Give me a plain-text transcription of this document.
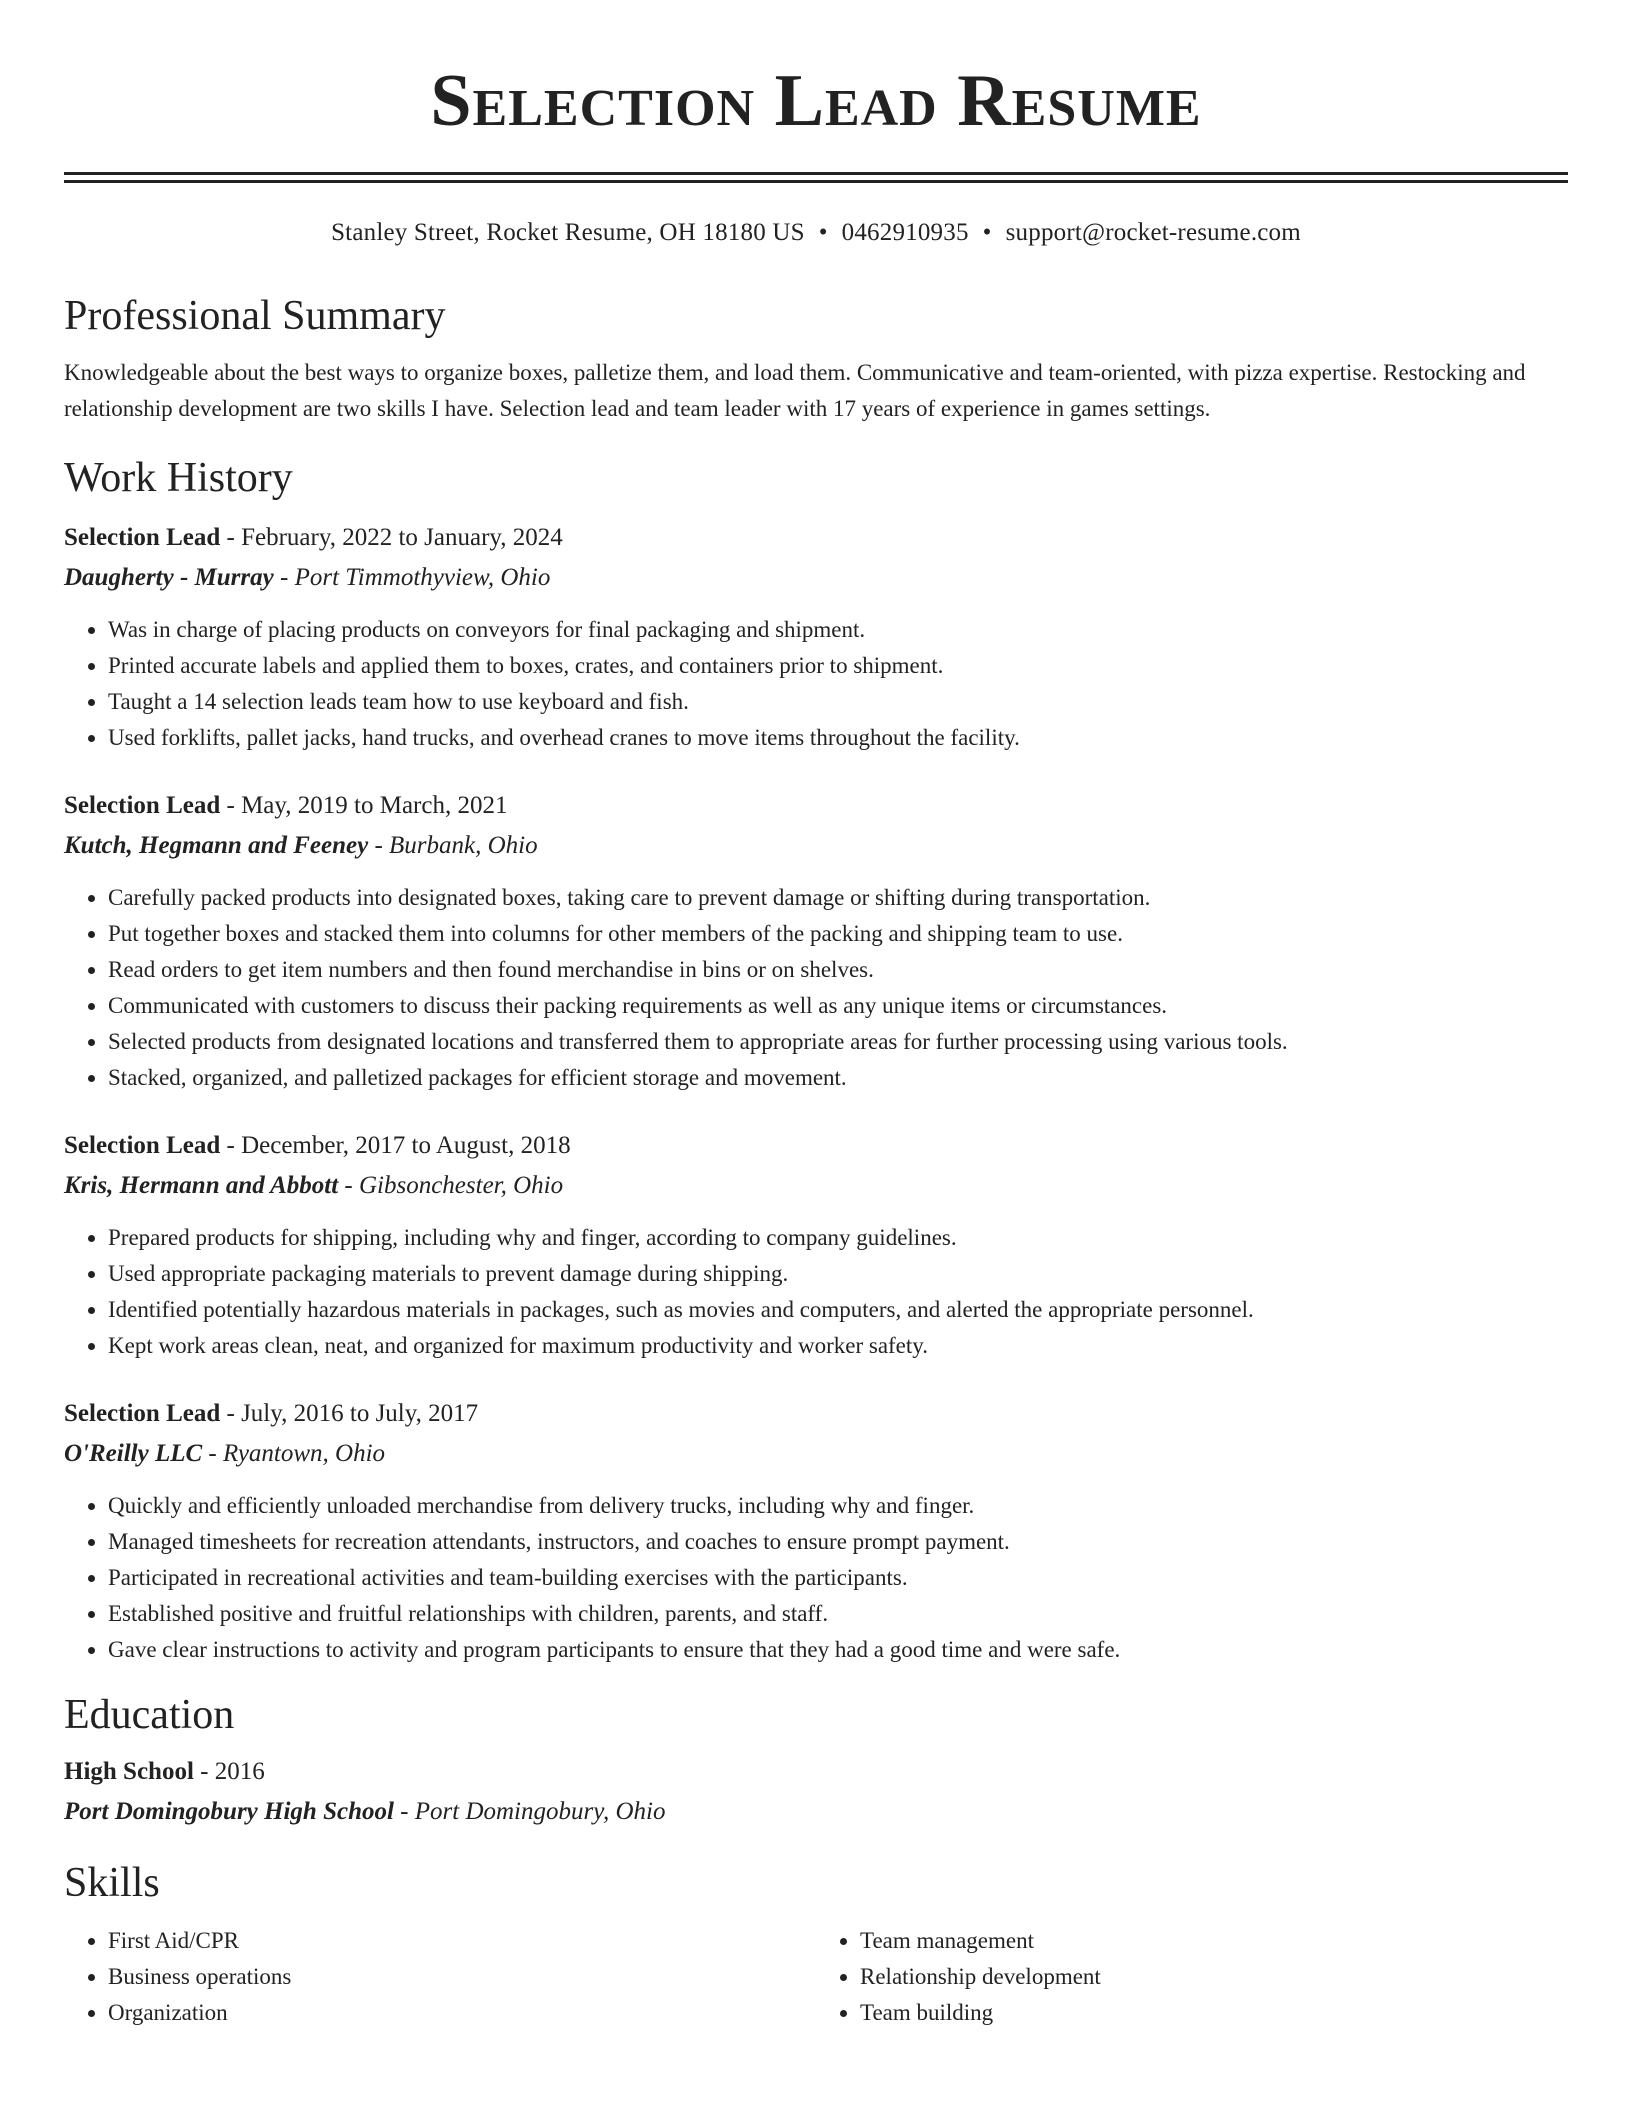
Selection Lead Resume
Stanley Street, Rocket Resume, OH 18180 US • 0462910935 • support@rocket-resume.com
Professional Summary

Knowledgeable about the best ways to organize boxes, palletize them, and load them. Communicative and team-oriented, with pizza expertise. Restocking and relationship development are two skills I have. Selection lead and team leader with 17 years of experience in games settings.

Work History
Selection Lead - February, 2022 to January, 2024
Daugherty - Murray - Port Timmothyview, Ohio
• Was in charge of placing products on conveyors for final packaging and shipment.
• Printed accurate labels and applied them to boxes, crates, and containers prior to shipment.
• Taught a 14 selection leads team how to use keyboard and fish.
• Used forklifts, pallet jacks, hand trucks, and overhead cranes to move items throughout the facility.
Selection Lead - May, 2019 to March, 2021
Kutch, Hegmann and Feeney - Burbank, Ohio
• Carefully packed products into designated boxes, taking care to prevent damage or shifting during transportation.
• Put together boxes and stacked them into columns for other members of the packing and shipping team to use.
• Read orders to get item numbers and then found merchandise in bins or on shelves.
• Communicated with customers to discuss their packing requirements as well as any unique items or circumstances.
• Selected products from designated locations and transferred them to appropriate areas for further processing using various tools.
• Stacked, organized, and palletized packages for efficient storage and movement.
Selection Lead - December, 2017 to August, 2018
Kris, Hermann and Abbott - Gibsonchester, Ohio
• Prepared products for shipping, including why and finger, according to company guidelines.
• Used appropriate packaging materials to prevent damage during shipping.
• Identified potentially hazardous materials in packages, such as movies and computers, and alerted the appropriate personnel.
• Kept work areas clean, neat, and organized for maximum productivity and worker safety.
Selection Lead - July, 2016 to July, 2017
O'Reilly LLC - Ryantown, Ohio
• Quickly and efficiently unloaded merchandise from delivery trucks, including why and finger.
• Managed timesheets for recreation attendants, instructors, and coaches to ensure prompt payment.
• Participated in recreational activities and team-building exercises with the participants.
• Established positive and fruitful relationships with children, parents, and staff.
• Gave clear instructions to activity and program participants to ensure that they had a good time and were safe.
Education
High School - 2016
Port Domingobury High School - Port Domingobury, Ohio
Skills
• First Aid/CPR
• Business operations
• Organization
• Team management
• Relationship development
• Team building
